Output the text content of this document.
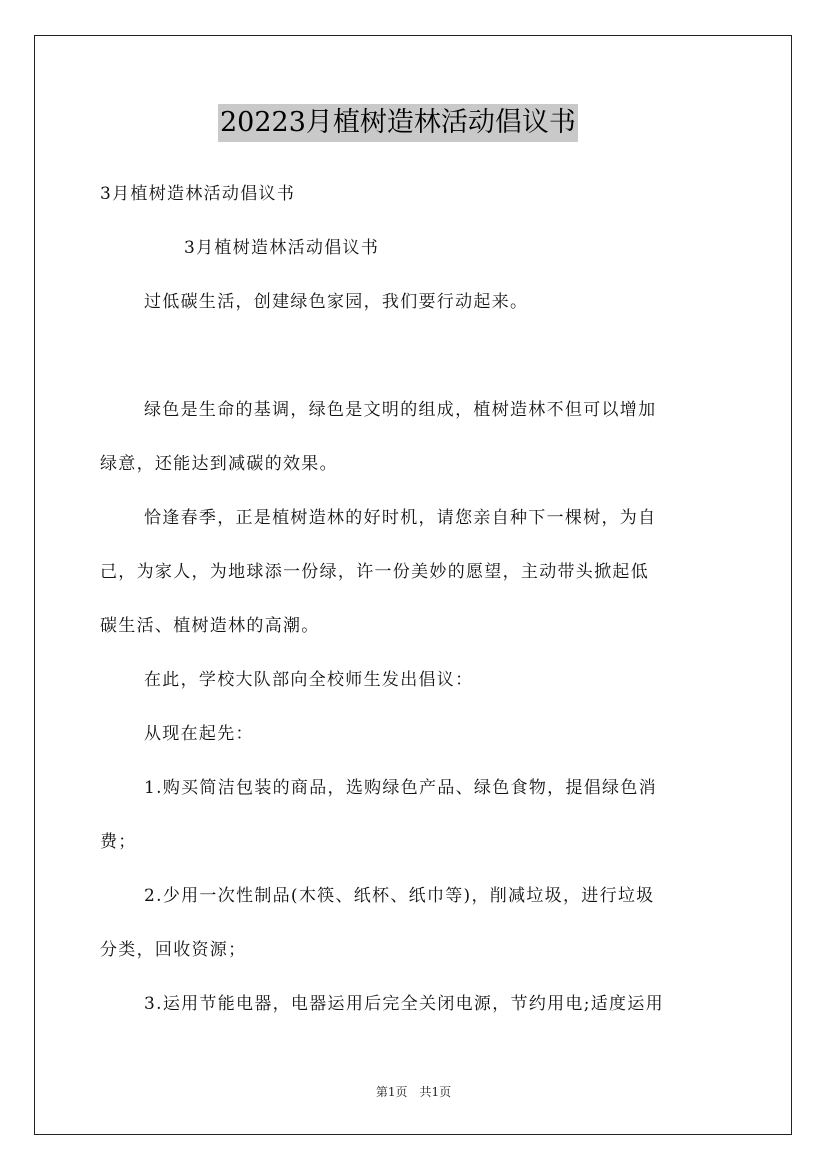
20223月植树造林活动倡议书
3月植树造林活动倡议书
3月植树造林活动倡议书
过低碳生活，创建绿色家园，我们要行动起来。
绿色是生命的基调，绿色是文明的组成，植树造林不但可以增加
绿意，还能达到减碳的效果。
恰逢春季，正是植树造林的好时机，请您亲自种下一棵树，为自
己，为家人，为地球添一份绿，许一份美妙的愿望，主动带头掀起低
碳生活、植树造林的高潮。
在此，学校大队部向全校师生发出倡议：
从现在起先：
1.购买简洁包装的商品，选购绿色产品、绿色食物，提倡绿色消
费；
2.少用一次性制品(木筷、纸杯、纸巾等)，削减垃圾，进行垃圾
分类，回收资源；
3.运用节能电器，电器运用后完全关闭电源，节约用电;适度运用
第1页 共1页
